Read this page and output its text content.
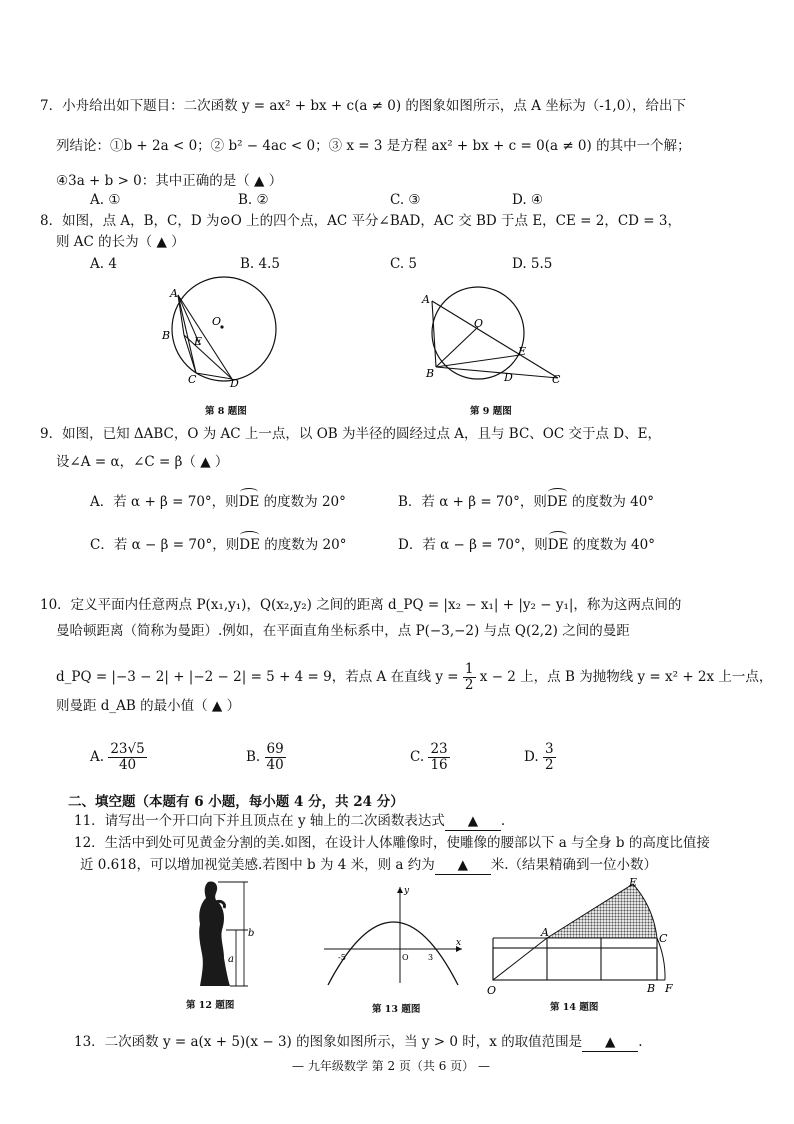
7．小舟给出如下题目：二次函数 y = ax² + bx + c(a ≠ 0) 的图象如图所示，点 A 坐标为（-1,0），给出下
列结论：①b + 2a < 0；② b² − 4ac < 0；③ x = 3 是方程 ax² + bx + c = 0(a ≠ 0) 的其中一个解；
④3a + b > 0：其中正确的是（ ▲ ）
A. ①	B. ②	C. ③	D. ④
8．如图，点 A，B，C，D 为⊙O 上的四个点，AC 平分∠BAD，AC 交 BD 于点 E，CE = 2，CD = 3，
则 AC 的长为（ ▲ ）
A. 4	B. 4.5	C. 5	D. 5.5
A
B
C	D
E
O
第 8 题图
A
O
B	D
E
C
第 9 题图
9．如图，已知 ΔABC，O 为 AC 上一点，以 OB 为半径的圆经过点 A，且与 BC、OC 交于点 D、E，
设∠A = α，∠C = β（ ▲ ）
A．若 α + β = 70°，则DE 的度数为 20°	B．若 α + β = 70°，则DE 的度数为 40°
C．若 α − β = 70°，则DE 的度数为 20°	D．若 α − β = 70°，则DE 的度数为 40°
10．定义平面内任意两点 P(x₁,y₁)，Q(x₂,y₂) 之间的距离 d_PQ = |x₂ − x₁| + |y₂ − y₁|，称为这两点间的
曼哈顿距离（简称为曼距）.例如，在平面直角坐标系中，点 P(−3,−2) 与点 Q(2,2) 之间的曼距
d_PQ = |−3 − 2| + |−2 − 2| = 5 + 4 = 9，若点 A 在直线 $y = \frac{1}{2}$ x − 2 上，点 B 为抛物线 y = x² + 2x 上一点，
则曼距 d_AB 的最小值（ ▲ ）
A. $\frac{23√5}{40}$	B. $\frac{69}{40}$	C. $\frac{23}{16}$	D. $\frac{3}{2}$
二、填空题（本题有 6 小题，每小题 4 分，共 24 分）
11．请写出一个开口向下并且顶点在 y 轴上的二次函数表达式 ▲ .
12．生活中到处可见黄金分割的美.如图，在设计人体雕像时，使雕像的腰部以下 a 与全身 b 的高度比值接
近 0.618，可以增加视觉美感.若图中 b 为 4 米，则 a 约为 ▲ 米.（结果精确到一位小数）
b
a
第 12 题图
y
x
-5	O 3
第 13 题图
E
A	C
O	B F
第 14 题图
13．二次函数 y = a(x + 5)(x − 3) 的图象如图所示，当 y > 0 时，x 的取值范围是 ▲ .
— 九年级数学 第 2 页（共 6 页） —
